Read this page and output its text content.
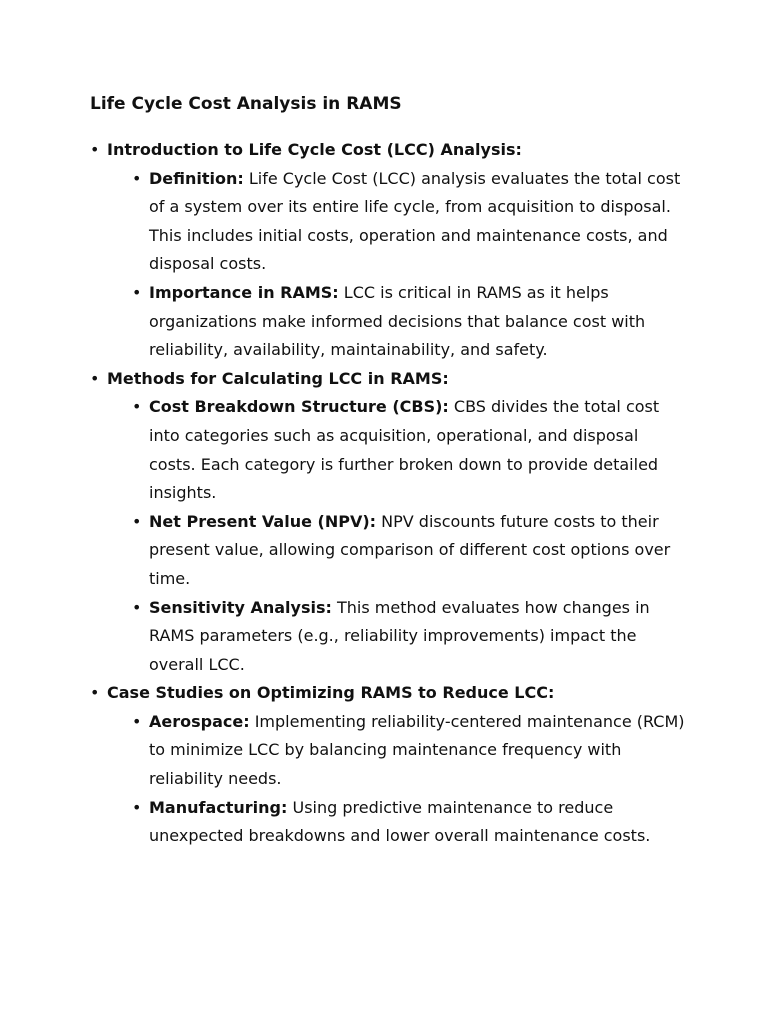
Life Cycle Cost Analysis in RAMS
• Introduction to Life Cycle Cost (LCC) Analysis:
• Definition: Life Cycle Cost (LCC) analysis evaluates the total cost of a system over its entire life cycle, from acquisition to disposal. This includes initial costs, operation and maintenance costs, and disposal costs.
• Importance in RAMS: LCC is critical in RAMS as it helps organizations make informed decisions that balance cost with reliability, availability, maintainability, and safety.
• Methods for Calculating LCC in RAMS:
• Cost Breakdown Structure (CBS): CBS divides the total cost into categories such as acquisition, operational, and disposal costs. Each category is further broken down to provide detailed insights.
• Net Present Value (NPV): NPV discounts future costs to their present value, allowing comparison of different cost options over time.
• Sensitivity Analysis: This method evaluates how changes in RAMS parameters (e.g., reliability improvements) impact the overall LCC.
• Case Studies on Optimizing RAMS to Reduce LCC:
• Aerospace: Implementing reliability-centered maintenance (RCM) to minimize LCC by balancing maintenance frequency with reliability needs.
• Manufacturing: Using predictive maintenance to reduce unexpected breakdowns and lower overall maintenance costs.
